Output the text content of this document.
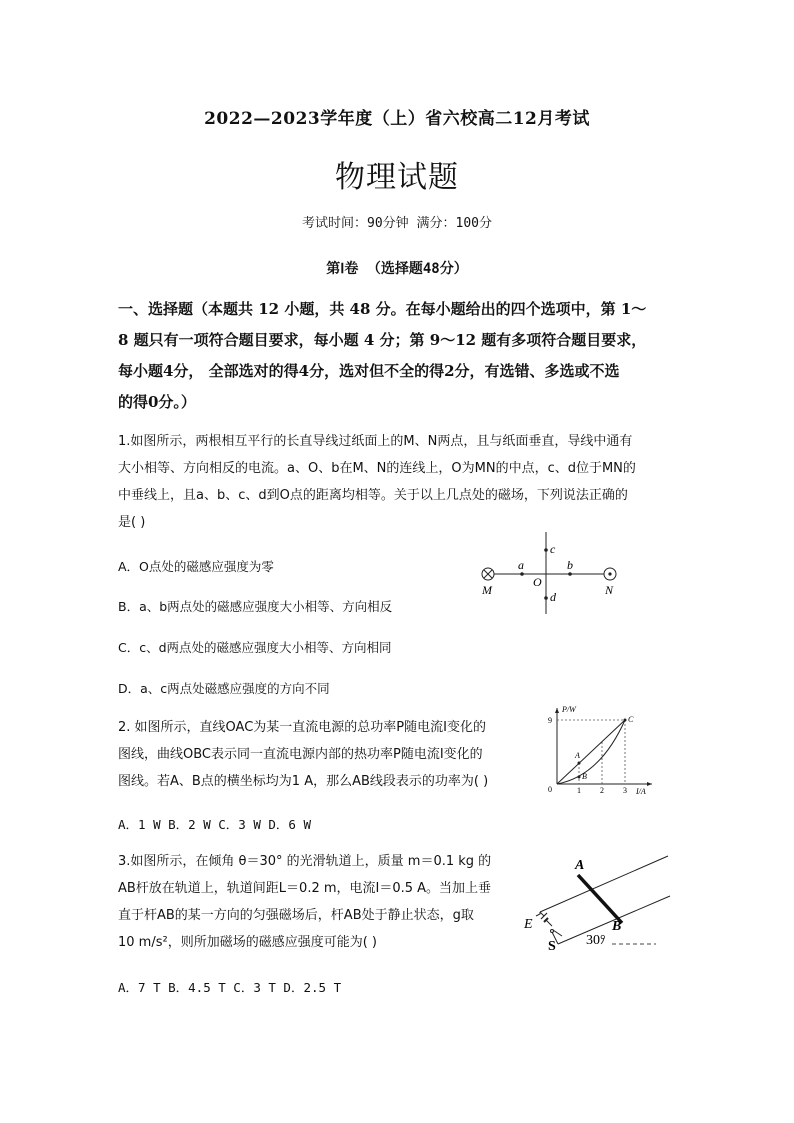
2022—2023学年度（上）省六校高二12月考试
物理试题
考试时间：90分钟 满分：100分
第Ⅰ卷 （选择题48分）
一、选择题（本题共 12 小题，共 48 分。在每小题给出的四个选项中，第 1～
8 题只有一项符合题目要求，每小题 4 分；第 9～12 题有多项符合题目要求，
每小题4分， 全部选对的得4分，选对但不全的得2分，有选错、多选或不选
的得0分。）
1.如图所示，两根相互平行的长直导线过纸面上的M、N两点，且与纸面垂直，导线中通有
大小相等、方向相反的电流。a、O、b在M、N的连线上，O为MN的中点，c、d位于MN的
中垂线上，且a、b、c、d到O点的距离均相等。关于以上几点处的磁场，下列说法正确的
是( )
A．O点处的磁感应强度为零
B．a、b两点处的磁感应强度大小相等、方向相反
C．c、d两点处的磁感应强度大小相等、方向相同
D．a、c两点处磁感应强度的方向不同
M	N
a	b
c
d
O
2. 如图所示，直线OAC为某一直流电源的总功率P随电流I变化的
图线，曲线OBC表示同一直流电源内部的热功率P随电流I变化的
图线。若A、B点的横坐标均为1 A，那么AB线段表示的功率为( )
A．1 W B．2 W C．3 W D．6 W
P/W
I/A
9
0	1 2 3
A
B
C
3.如图所示，在倾角 θ＝30° 的光滑轨道上，质量 m＝0.1 kg 的
AB杆放在轨道上，轨道间距L＝0.2 m，电流I＝0.5 A。当加上垂
直于杆AB的某一方向的匀强磁场后，杆AB处于静止状态，g取
10 m/s²，则所加磁场的磁感应强度可能为( )
A．7 T B．4.5 T C．3 T D．2.5 T
A
B
E
S 30°
